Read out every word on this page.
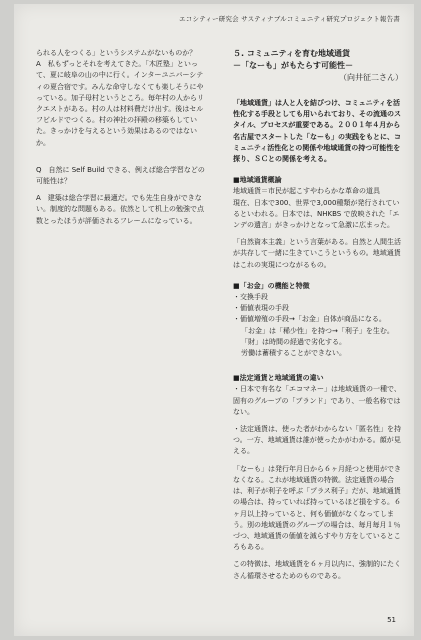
エコシティー研究会 サスティナブルコミュニティ研究プロジェクト報告書

られる人をつくる」というシステムがないものか？

A　私もずっとそれを考えてきた。「木匠塾」といって、夏に岐阜の山の中に行く。インターユニバーシティの夏合宿です。みんな命守しなくても楽しそうにやっている。加子母村というところ。毎年村の人からリクエストがある。村の人は材料費だけ出す。後はセルフビルドでつくる。村の神社の拝殿の移築もしていた。きっかけを与えるという効果はあるのではないか。

Q　自然に Self Build できる、例えば総合学習などの可能性は？

A　建築は総合学習に最適だ。でも先生自身ができない。制度的な問題もある。依然として机上の勉強で点数とったほうが評価されるフレームになっている。

５. コミュニティを育む地域通貨

－「なーも」がもたらす可能性－

（向井征二さん）

「地域通貨」は人と人を結びつけ、コミュニティを活性化する手段としても用いられており、その流通のスタイル、プロセスが重要である。２００１年４月から名古屋でスタートした「なーも」の実践をもとに、コミュニティ活性化との関係や地域通貨の持つ可能性を探り、ＳＣとの関係を考える。

■地域通貨概論

地域通貨＝市民が起こすやわらかな革命の道具

現在、日本で300、世界で3,000種類が発行されているといわれる。日本では、NHKBS で放映された「エンデの遺言」がきっかけとなって急激に広まった。

「自然資本主義」という言葉がある。自然と人間生活が共存して一緒に生きていこうというもの。地域通貨はこれの実現につながるもの。

■「お金」の機能と特徴

・交換手段

・価値表現の手段

・価値増殖の手段→「お金」自体が商品になる。

「お金」は「稀少性」を持つ→「利子」を生む。

「財」は時間の経過で劣化する。

労働は蓄積することができない。

■法定通貨と地域通貨の違い

・日本で有名な「エコマネー」は地域通貨の一種で、固有のグループの「ブランド」であり、一般名称ではない。

・法定通貨は、使った者がわからない「匿名性」を持つ。一方、地域通貨は誰が使ったかがわかる。顔が見える。

「なーも」は発行年月日から６ヶ月経つと使用ができなくなる。これが地域通貨の特徴。法定通貨の場合は、利子が利子を呼ぶ「プラス利子」だが、地域通貨の場合は、持っていれば持っているほど損をする。６ヶ月以上持っていると、何も価値がなくなってしまう。別の地域通貨のグループの場合は、毎月毎月１％づつ、地域通貨の価値を減らすやり方をしているところもある。

この特徴は、地域通貨を６ヶ月以内に、強制的にたくさん循環させるためのものである。

51
